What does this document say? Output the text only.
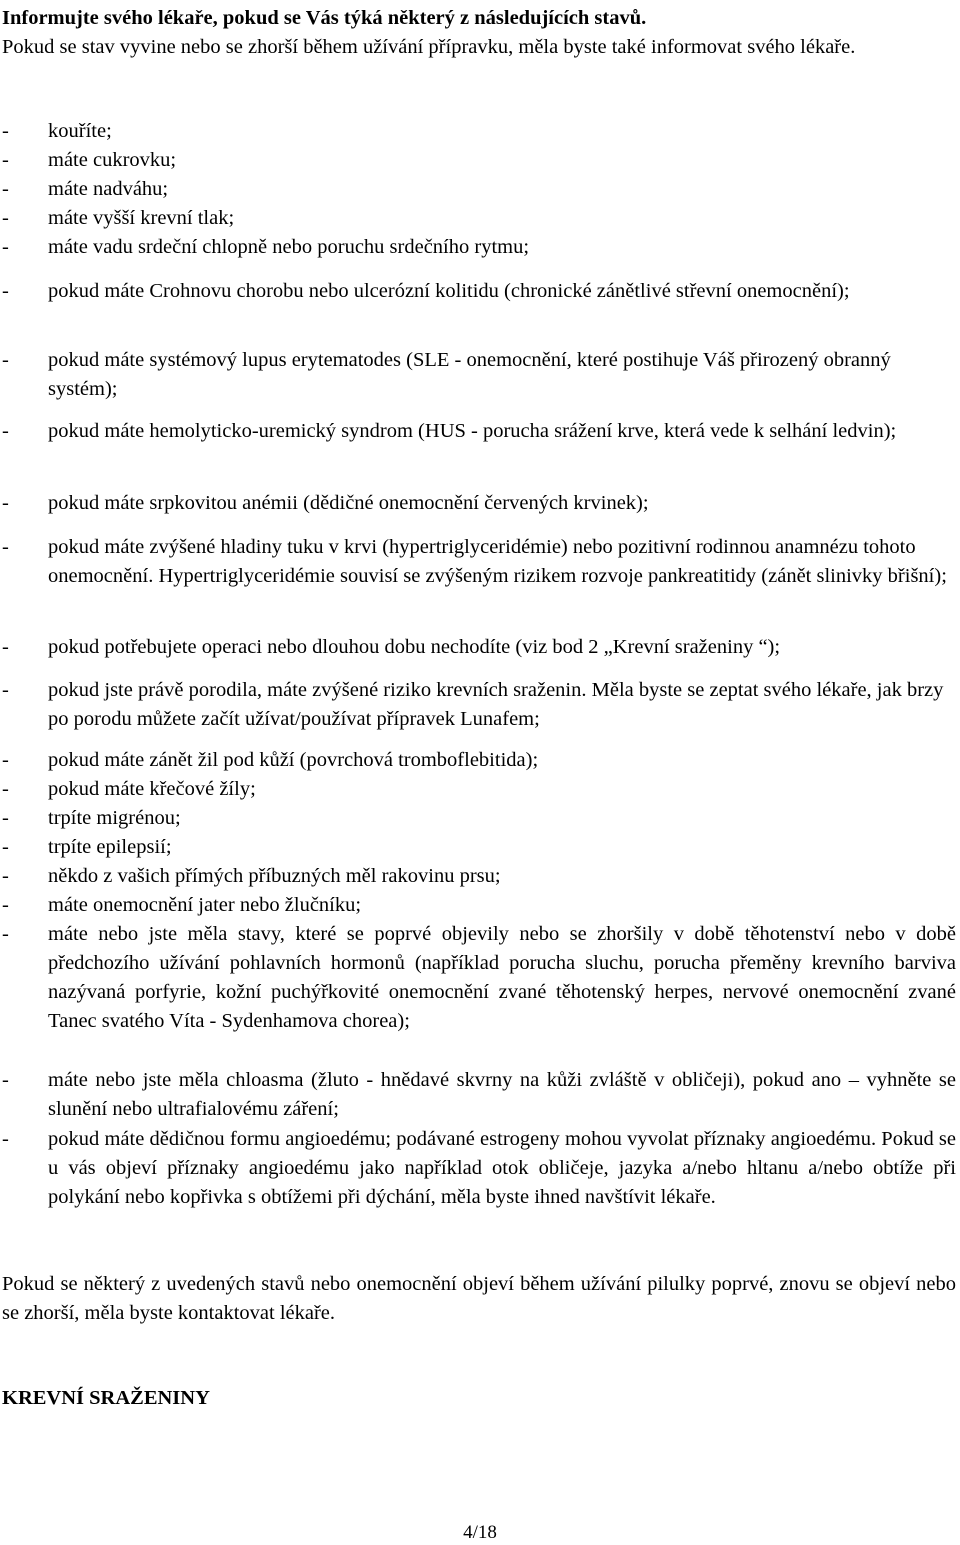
Informujte svého lékaře, pokud se Vás týká některý z následujících stavů.
Pokud se stav vyvine nebo se zhorší během užívání přípravku, měla byste také informovat svého lékaře.
-	kouříte;
-	máte cukrovku;
-	máte nadváhu;
-	máte vyšší krevní tlak;
-	máte vadu srdeční chlopně nebo poruchu srdečního rytmu;
-	pokud máte Crohnovu chorobu nebo ulcerózní kolitidu (chronické zánětlivé střevní onemocnění);
-	pokud máte systémový lupus erytematodes (SLE - onemocnění, které postihuje Váš přirozený obranný systém);
-	pokud máte hemolyticko-uremický syndrom (HUS - porucha srážení krve, která vede k selhání ledvin);
-	pokud máte srpkovitou anémii (dědičné onemocnění červených krvinek);
-	pokud máte zvýšené hladiny tuku v krvi (hypertriglyceridémie) nebo pozitivní rodinnou anamnézu tohoto onemocnění. Hypertriglyceridémie souvisí se zvýšeným rizikem rozvoje pankreatitidy (zánět slinivky břišní);
-	pokud potřebujete operaci nebo dlouhou dobu nechodíte (viz bod 2 „Krevní sraženiny “);
-	pokud jste právě porodila, máte zvýšené riziko krevních sraženin. Měla byste se zeptat svého lékaře, jak brzy po porodu můžete začít užívat/používat přípravek Lunafem;
-	pokud máte zánět žil pod kůží (povrchová tromboflebitida);
-	pokud máte křečové žíly;
-	trpíte migrénou;
-	trpíte epilepsií;
-	někdo z vašich přímých příbuzných měl rakovinu prsu;
-	máte onemocnění jater nebo žlučníku;
-	máte nebo jste měla stavy, které se poprvé objevily nebo se zhoršily v době těhotenství nebo v době předchozího užívání pohlavních hormonů (například porucha sluchu, porucha přeměny krevního barviva nazývaná porfyrie, kožní puchýřkovité onemocnění zvané těhotenský herpes, nervové onemocnění zvané Tanec svatého Víta - Sydenhamova chorea);
-	máte nebo jste měla chloasma (žluto - hnědavé skvrny na kůži zvláště v obličeji), pokud ano – vyhněte se slunění nebo ultrafialovému záření;
-	pokud máte dědičnou formu angioedému; podávané estrogeny mohou vyvolat příznaky angioedému. Pokud se u vás objeví příznaky angioedému jako například otok obličeje, jazyka a/nebo hltanu a/nebo obtíže při polykání nebo kopřivka s obtížemi při dýchání, měla byste ihned navštívit lékaře.
Pokud se některý z uvedených stavů nebo onemocnění objeví během užívání pilulky poprvé, znovu se objeví nebo se zhorší, měla byste kontaktovat lékaře.
KREVNÍ SRAŽENINY
4/18
